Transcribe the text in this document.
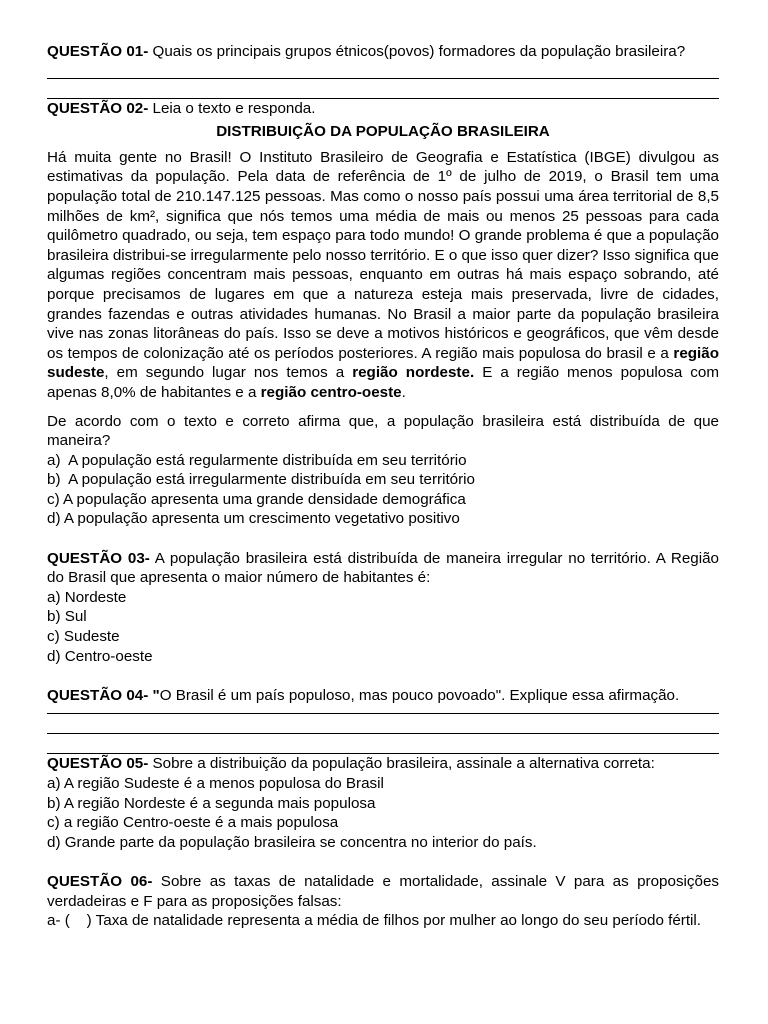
QUESTÃO 01- Quais os principais grupos étnicos(povos) formadores da população brasileira?

QUESTÃO 02- Leia o texto e responda.

DISTRIBUIÇÃO DA POPULAÇÃO BRASILEIRA

Há muita gente no Brasil! O Instituto Brasileiro de Geografia e Estatística (IBGE) divulgou as estimativas da população. Pela data de referência de 1º de julho de 2019, o Brasil tem uma população total de 210.147.125 pessoas. Mas como o nosso país possui uma área territorial de 8,5 milhões de km², significa que nós temos uma média de mais ou menos 25 pessoas para cada quilômetro quadrado, ou seja, tem espaço para todo mundo! O grande problema é que a população brasileira distribui-se irregularmente pelo nosso território. E o que isso quer dizer? Isso significa que algumas regiões concentram mais pessoas, enquanto em outras há mais espaço sobrando, até porque precisamos de lugares em que a natureza esteja mais preservada, livre de cidades, grandes fazendas e outras atividades humanas. No Brasil a maior parte da população brasileira vive nas zonas litorâneas do país. Isso se deve a motivos históricos e geográficos, que vêm desde os tempos de colonização até os períodos posteriores. A região mais populosa do brasil e a região sudeste, em segundo lugar nos temos a região nordeste. E a região menos populosa com apenas 8,0% de habitantes e a região centro-oeste.

De acordo com o texto e correto afirma que, a população brasileira está distribuída de que maneira?

a)  A população está regularmente distribuída em seu território

b)  A população está irregularmente distribuída em seu território

c) A população apresenta uma grande densidade demográfica

d) A população apresenta um crescimento vegetativo positivo

QUESTÃO 03- A população brasileira está distribuída de maneira irregular no território. A Região do Brasil que apresenta o maior número de habitantes é:

a) Nordeste

b) Sul

c) Sudeste

d) Centro-oeste

QUESTÃO 04- "O Brasil é um país populoso, mas pouco povoado". Explique essa afirmação.

QUESTÃO 05- Sobre a distribuição da população brasileira, assinale a alternativa correta:

a) A região Sudeste é a menos populosa do Brasil

b) A região Nordeste é a segunda mais populosa

c) a região Centro-oeste é a mais populosa

d) Grande parte da população brasileira se concentra no interior do país.

QUESTÃO 06- Sobre as taxas de natalidade e mortalidade, assinale V para as proposições verdadeiras e F para as proposições falsas:

a- (    ) Taxa de natalidade representa a média de filhos por mulher ao longo do seu período fértil.
